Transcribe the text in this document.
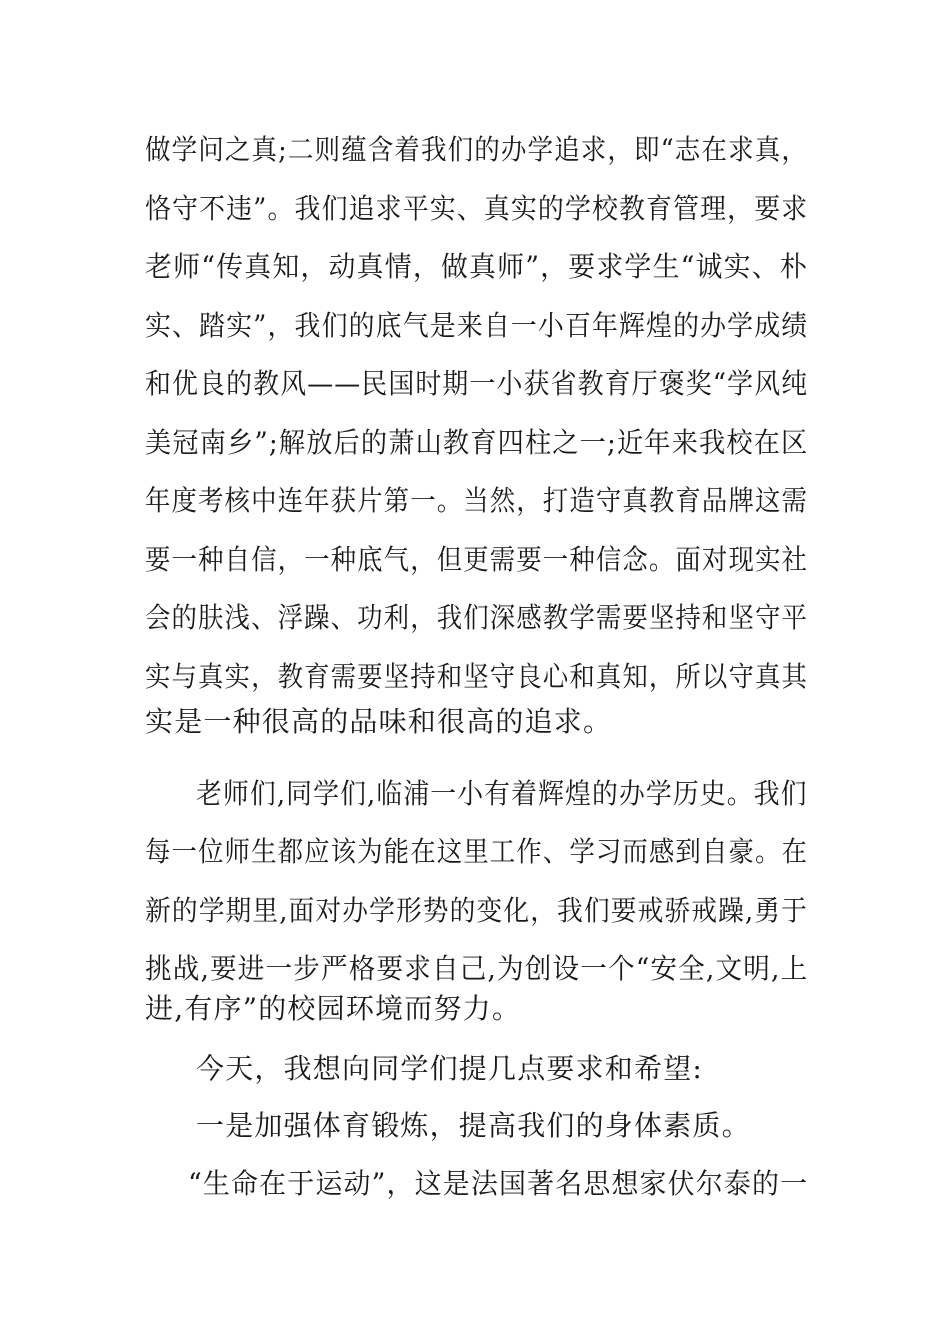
做学问之真;二则蕴含着我们的办学追求，即“志在求真，
恪守不违”。我们追求平实、真实的学校教育管理，要求
老师“传真知，动真情，做真师”，要求学生“诚实、朴
实、踏实”，我们的底气是来自一小百年辉煌的办学成绩
和优良的教风——民国时期一小获省教育厅褒奖“学风纯
美冠南乡”;解放后的萧山教育四柱之一;近年来我校在区
年度考核中连年获片第一。当然，打造守真教育品牌这需
要一种自信，一种底气，但更需要一种信念。面对现实社
会的肤浅、浮躁、功利，我们深感教学需要坚持和坚守平
实与真实，教育需要坚持和坚守良心和真知，所以守真其
实是一种很高的品味和很高的追求。
老师们,同学们,临浦一小有着辉煌的办学历史。我们
每一位师生都应该为能在这里工作、学习而感到自豪。在
新的学期里,面对办学形势的变化，我们要戒骄戒躁,勇于
挑战,要进一步严格要求自己,为创设一个“安全,文明,上
进,有序”的校园环境而努力。
今天，我想向同学们提几点要求和希望:
一是加强体育锻炼，提高我们的身体素质。
“生命在于运动”，这是法国著名思想家伏尔泰的一
